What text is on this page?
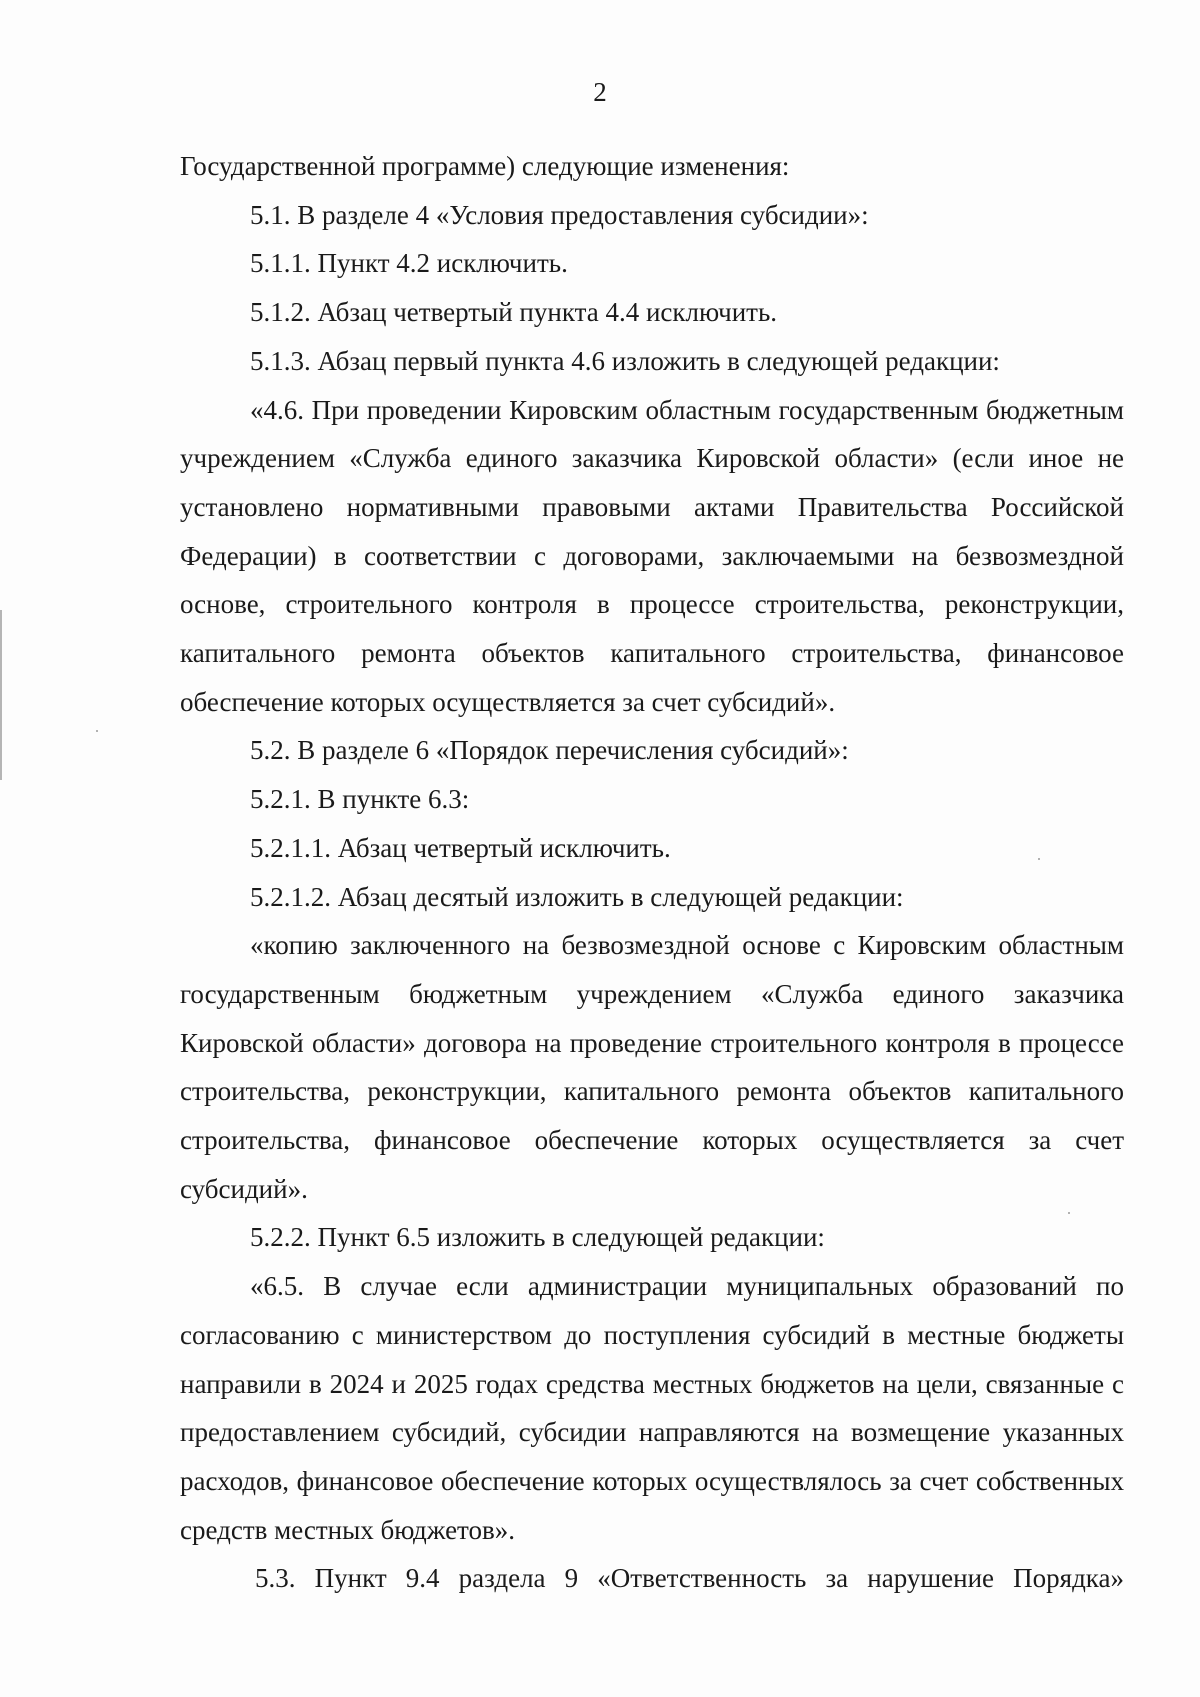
2

Государственной программе) следующие изменения:

5.1. В разделе 4 «Условия предоставления субсидии»:

5.1.1. Пункт 4.2 исключить.

5.1.2. Абзац четвертый пункта 4.4 исключить.

5.1.3. Абзац первый пункта 4.6 изложить в следующей редакции:

«4.6. При проведении Кировским областным государственным бюджетным учреждением «Служба единого заказчика Кировской области» (если иное не установлено нормативными правовыми актами Правительства Российской Федерации) в соответствии с договорами, заключаемыми на безвозмездной основе, строительного контроля в процессе строительства, реконструкции, капитального ремонта объектов капитального строительства, финансовое обеспечение которых осуществляется за счет субсидий».

5.2. В разделе 6 «Порядок перечисления субсидий»:

5.2.1. В пункте 6.3:

5.2.1.1. Абзац четвертый исключить.

5.2.1.2. Абзац десятый изложить в следующей редакции:

«копию заключенного на безвозмездной основе с Кировским областным государственным бюджетным учреждением «Служба единого заказчика Кировской области» договора на проведение строительного контроля в процессе строительства, реконструкции, капитального ремонта объектов капитального строительства, финансовое обеспечение которых осуществляется за счет субсидий».

5.2.2. Пункт 6.5 изложить в следующей редакции:

«6.5. В случае если администрации муниципальных образований по согласованию с министерством до поступления субсидий в местные бюджеты направили в 2024 и 2025 годах средства местных бюджетов на цели, связанные с предоставлением субсидий, субсидии направляются на возмещение указанных расходов, финансовое обеспечение которых осуществлялось за счет собственных средств местных бюджетов».

5.3. Пункт 9.4 раздела 9 «Ответственность за нарушение Порядка»
